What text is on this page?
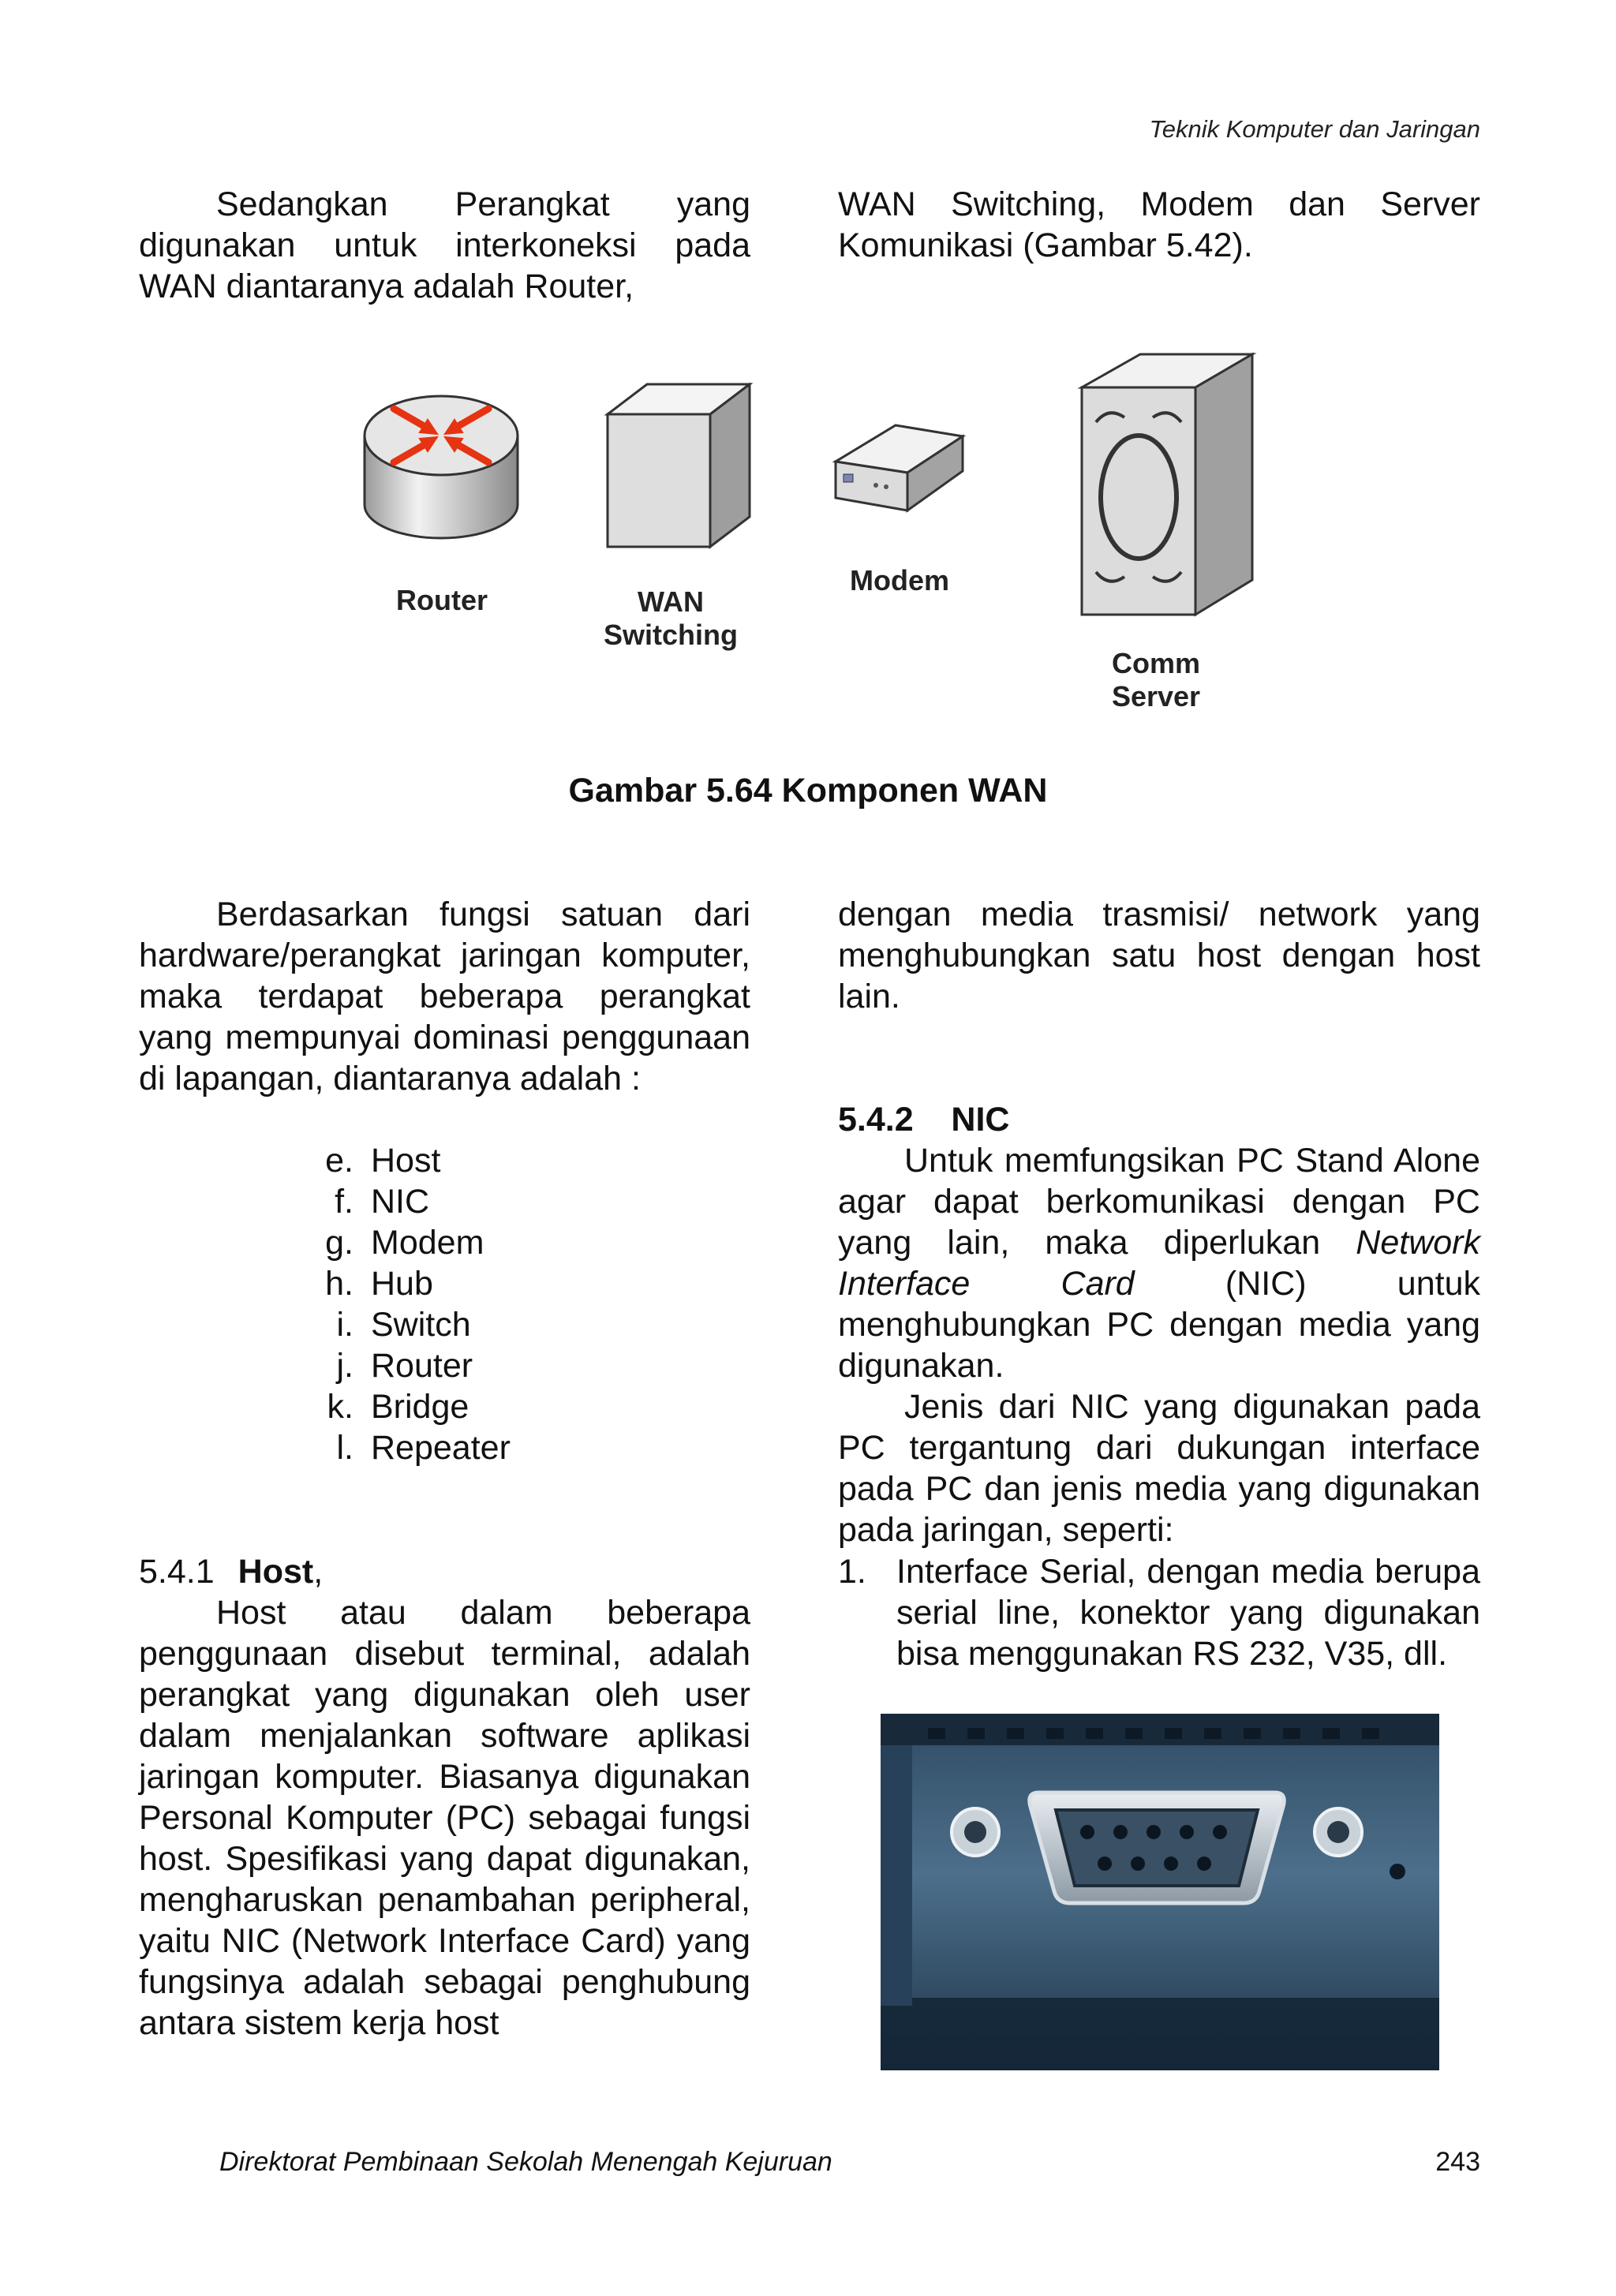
Teknik Komputer dan Jaringan

Sedangkan Perangkat yang digunakan untuk interkoneksi pada WAN diantaranya adalah Router,

WAN Switching, Modem dan Server Komunikasi (Gambar 5.42).

Router	WAN
Switching
Modem
Comm
Server
Gambar 5.64 Komponen WAN

Berdasarkan fungsi satuan dari hardware/perangkat jaringan komputer, maka terdapat beberapa perangkat yang mempunyai dominasi penggunaan di lapangan, diantaranya adalah :

e. Host
f. NIC
g. Modem
h. Hub
i. Switch
j. Router
k. Bridge
l. Repeater
5.4.1 Host,

Host atau dalam beberapa penggunaan disebut terminal, adalah perangkat yang digunakan oleh user dalam menjalankan software aplikasi jaringan komputer. Biasanya digunakan Personal Komputer (PC) sebagai fungsi host. Spesifikasi yang dapat digunakan, mengharuskan penambahan peripheral, yaitu NIC (Network Interface Card) yang fungsinya adalah sebagai penghubung antara sistem kerja host

dengan media trasmisi/ network yang menghubungkan satu host dengan host lain.

5.4.2    NIC

Untuk memfungsikan PC Stand Alone agar dapat berkomunikasi dengan PC yang lain, maka diperlukan Network Interface Card (NIC) untuk menghubungkan PC dengan media yang digunakan.

Jenis dari NIC yang digunakan pada PC tergantung dari dukungan interface pada PC dan jenis media yang digunakan pada jaringan, seperti:

1. Interface Serial, dengan media berupa serial line, konektor yang digunakan bisa menggunakan RS 232, V35, dll.

Direktorat Pembinaan Sekolah Menengah Kejuruan	243
